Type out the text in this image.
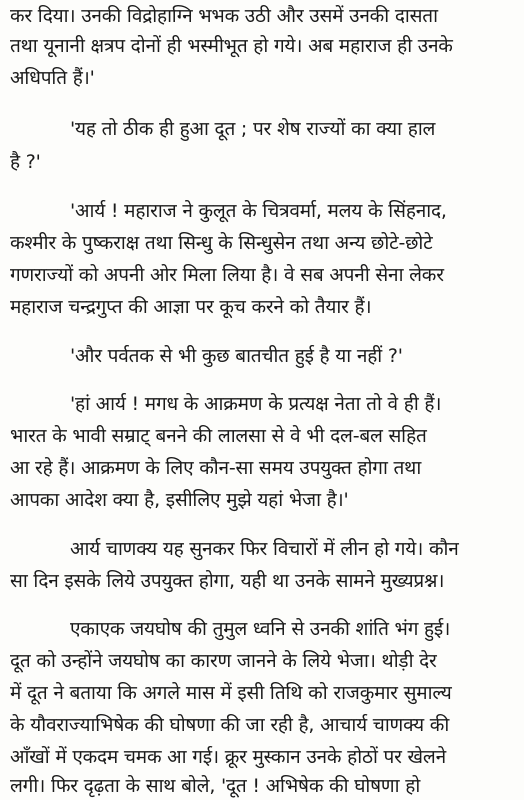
कर दिया। उनकी विद्रोहाग्नि भभक उठी और उसमें उनकी दासता

तथा यूनानी क्षत्रप दोनों ही भस्मीभूत हो गये। अब महाराज ही उनके

अधिपति हैं।'

'यह तो ठीक ही हुआ दूत ; पर शेष राज्यों का क्या हाल

है ?'

'आर्य ! महाराज ने कुलूत के चित्रवर्मा, मलय के सिंहनाद,

कश्मीर के पुष्कराक्ष तथा सिन्धु के सिन्धुसेन तथा अन्य छोटे-छोटे

गणराज्यों को अपनी ओर मिला लिया है। वे सब अपनी सेना लेकर

महाराज चन्द्रगुप्त की आज्ञा पर कूच करने को तैयार हैं।

'और पर्वतक से भी कुछ बातचीत हुई है या नहीं ?'

'हां आर्य ! मगध के आक्रमण के प्रत्यक्ष नेता तो वे ही हैं।

भारत के भावी सम्राट् बनने की लालसा से वे भी दल-बल सहित

आ रहे हैं। आक्रमण के लिए कौन-सा समय उपयुक्त होगा तथा

आपका आदेश क्या है, इसीलिए मुझे यहां भेजा है।'

आर्य चाणक्य यह सुनकर फिर विचारों में लीन हो गये। कौन

सा दिन इसके लिये उपयुक्त होगा, यही था उनके सामने मुख्यप्रश्न।

एकाएक जयघोष की तुमुल ध्वनि से उनकी शांति भंग हुई।

दूत को उन्होंने जयघोष का कारण जानने के लिये भेजा। थोड़ी देर

में दूत ने बताया कि अगले मास में इसी तिथि को राजकुमार सुमाल्य

के यौवराज्याभिषेक की घोषणा की जा रही है, आचार्य चाणक्य की

आँखों में एकदम चमक आ गई। क्रूर मुस्कान उनके होठों पर खेलने

लगी। फिर दृढ़ता के साथ बोले, 'दूत ! अभिषेक की घोषणा हो
